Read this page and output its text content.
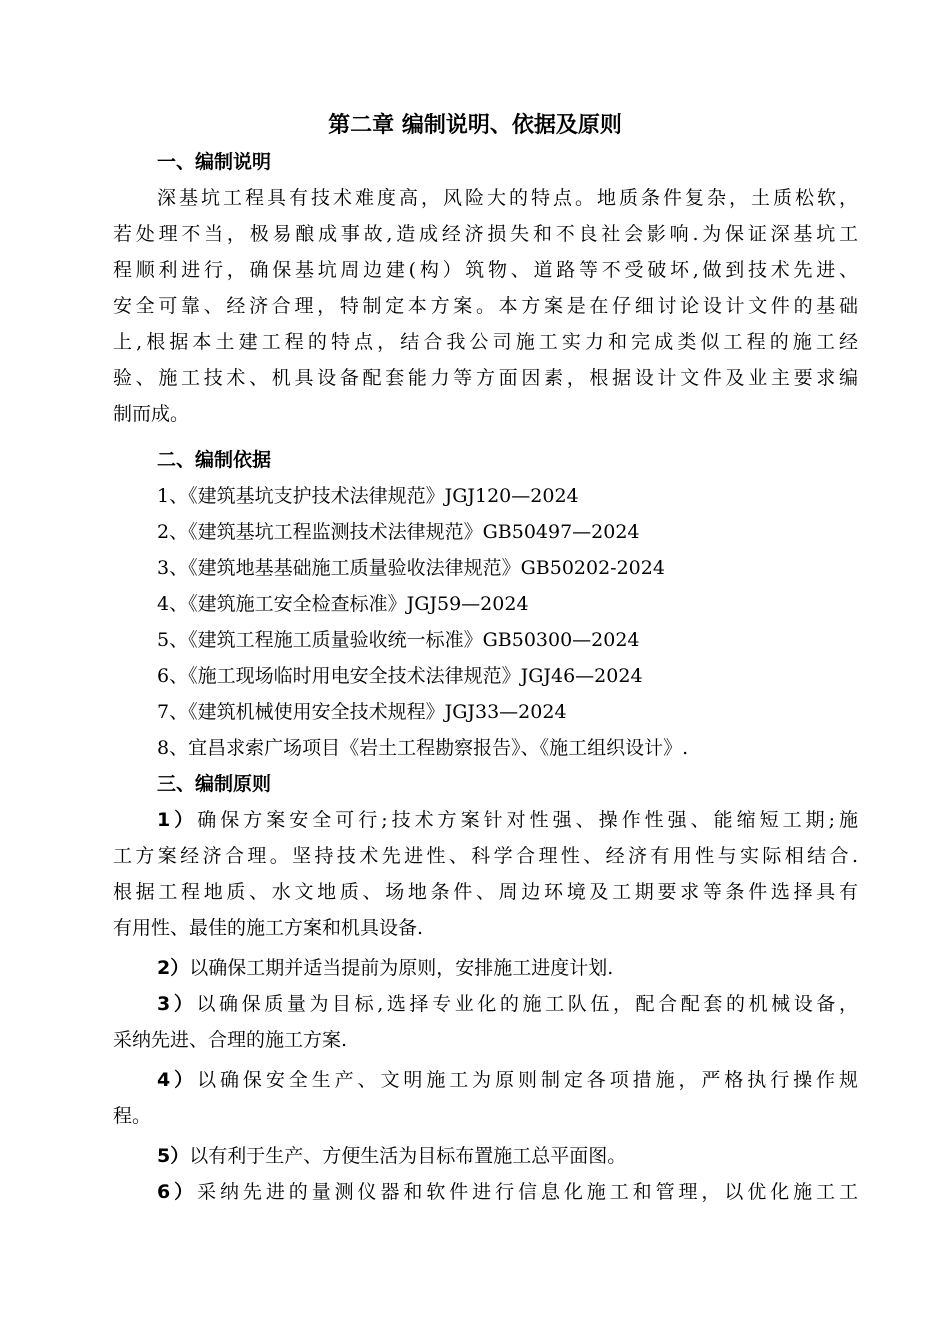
第二章 编制说明、依据及原则
一、编制说明
深基坑工程具有技术难度高，风险大的特点。地质条件复杂，土质松软，
若处理不当，极易酿成事故,造成经济损失和不良社会影响.为保证深基坑工
程顺利进行，确保基坑周边建(构）筑物、道路等不受破坏,做到技术先进、
安全可靠、经济合理，特制定本方案。本方案是在仔细讨论设计文件的基础
上,根据本土建工程的特点，结合我公司施工实力和完成类似工程的施工经
验、施工技术、机具设备配套能力等方面因素，根据设计文件及业主要求编
制而成。
二、编制依据
1、《建筑基坑支护技术法律规范》JGJ120—2024
2、《建筑基坑工程监测技术法律规范》GB50497—2024
3、《建筑地基基础施工质量验收法律规范》GB50202-2024
4、《建筑施工安全检查标准》JGJ59—2024
5、《建筑工程施工质量验收统一标准》GB50300—2024
6、《施工现场临时用电安全技术法律规范》JGJ46—2024
7、《建筑机械使用安全技术规程》JGJ33—2024
8、宜昌求索广场项目《岩土工程勘察报告》、《施工组织设计》.
三、编制原则
1）确保方案安全可行;技术方案针对性强、操作性强、能缩短工期;施
工方案经济合理。坚持技术先进性、科学合理性、经济有用性与实际相结合.
根据工程地质、水文地质、场地条件、周边环境及工期要求等条件选择具有
有用性、最佳的施工方案和机具设备.
2）以确保工期并适当提前为原则，安排施工进度计划.
3）以确保质量为目标,选择专业化的施工队伍，配合配套的机械设备，
采纳先进、合理的施工方案.
4）以确保安全生产、文明施工为原则制定各项措施，严格执行操作规
程。
5）以有利于生产、方便生活为目标布置施工总平面图。
6）采纳先进的量测仪器和软件进行信息化施工和管理，以优化施工工
